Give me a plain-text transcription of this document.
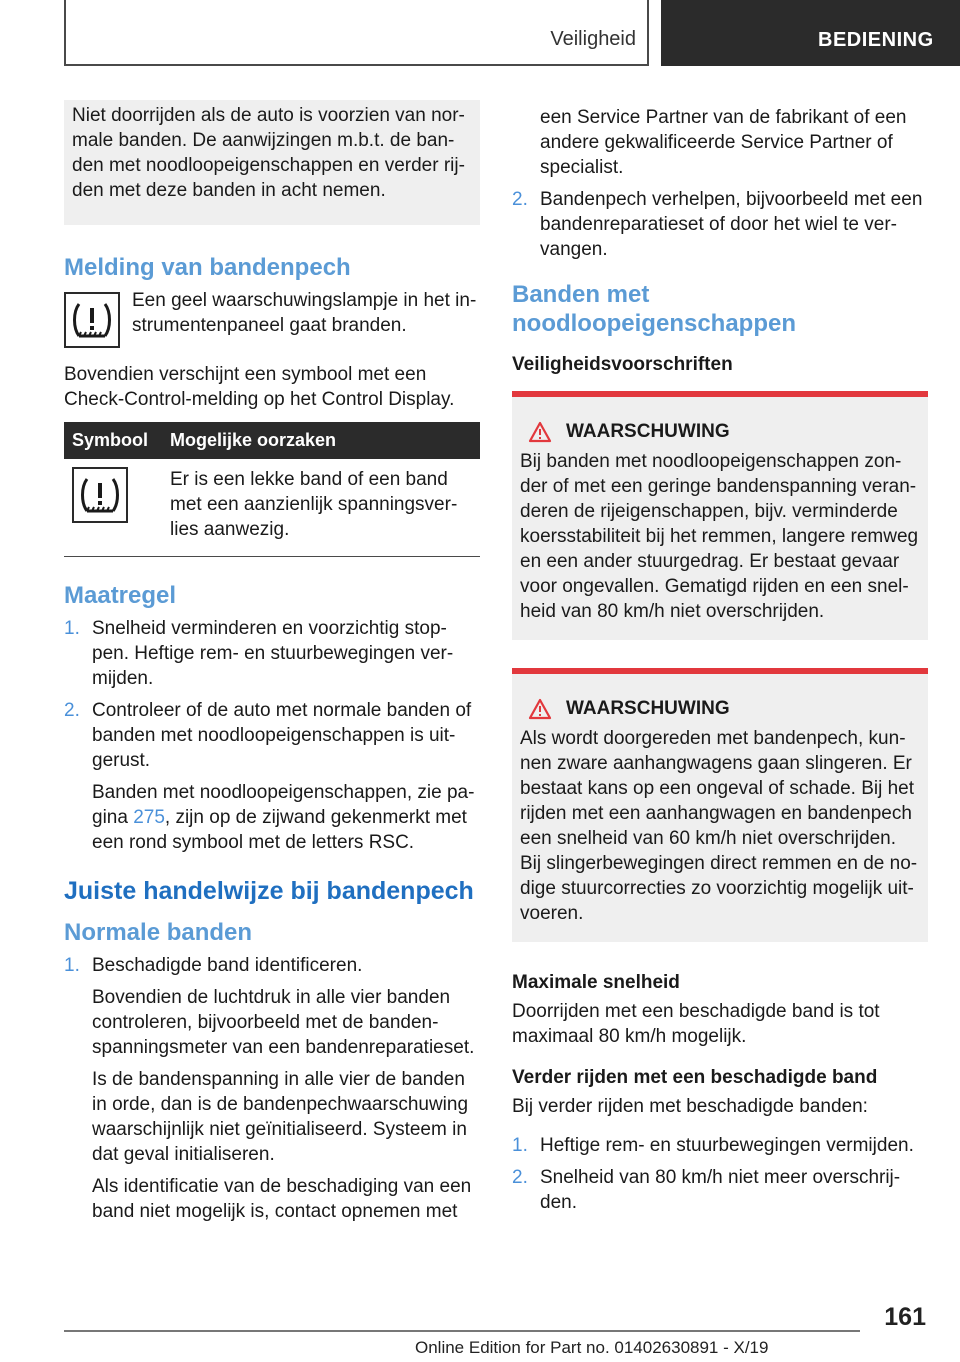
Veiligheid	BEDIENING
Niet doorrijden als de auto is voorzien van nor-male banden. De aanwijzingen m.b.t. de ban-den met noodloopeigenschappen en verder rij-den met deze banden in acht nemen.
Melding van bandenpech
Een geel waarschuwingslampje in het in-strumentenpaneel gaat branden.
Bovendien verschijnt een symbool met een Check-Control-melding op het Control Display.
Symbool	Mogelijke oorzaken

	Er is een lekke band of een band met een aanzienlijk spanningsver-lies aanwezig.
Maatregel
1. Snelheid verminderen en voorzichtig stop-pen. Heftige rem- en stuurbewegingen ver-mijden.
2. Controleer of de auto met normale banden of banden met noodloopeigenschappen is uit-gerust.
Banden met noodloopeigenschappen, zie pa-gina 275, zijn op de zijwand gekenmerkt met een rond symbool met de letters RSC.
Juiste handelwijze bij bandenpech
Normale banden
1. Beschadigde band identificeren.
Bovendien de luchtdruk in alle vier banden controleren, bijvoorbeeld met de banden-spanningsmeter van een bandenreparatieset.
Is de bandenspanning in alle vier de banden in orde, dan is de bandenpechwaarschuwing waarschijnlijk niet geïnitialiseerd. Systeem in dat geval initialiseren.
Als identificatie van de beschadiging van een band niet mogelijk is, contact opnemen met
een Service Partner van de fabrikant of een andere gekwalificeerde Service Partner of specialist.
2. Bandenpech verhelpen, bijvoorbeeld met een bandenreparatieset of door het wiel te ver-vangen.
Banden met noodloopeigenschappen
Veiligheidsvoorschriften
WAARSCHUWING
Bij banden met noodloopeigenschappen zon-der of met een geringe bandenspanning veran-deren de rijeigenschappen, bijv. verminderde koersstabiliteit bij het remmen, langere remweg en een ander stuurgedrag. Er bestaat gevaar voor ongevallen. Gematigd rijden en een snel-heid van 80 km/h niet overschrijden.
WAARSCHUWING
Als wordt doorgereden met bandenpech, kun-nen zware aanhangwagens gaan slingeren. Er bestaat kans op een ongeval of schade. Bij het rijden met een aanhangwagen en bandenpech een snelheid van 60 km/h niet overschrijden. Bij slingerbewegingen direct remmen en de no-dige stuurcorrecties zo voorzichtig mogelijk uit-voeren.
Maximale snelheid
Doorrijden met een beschadigde band is tot maximaal 80 km/h mogelijk.
Verder rijden met een beschadigde band
Bij verder rijden met beschadigde banden:
1. Heftige rem- en stuurbewegingen vermijden.
2. Snelheid van 80 km/h niet meer overschrij-den.
161
Online Edition for Part no. 01402630891 - X/19
